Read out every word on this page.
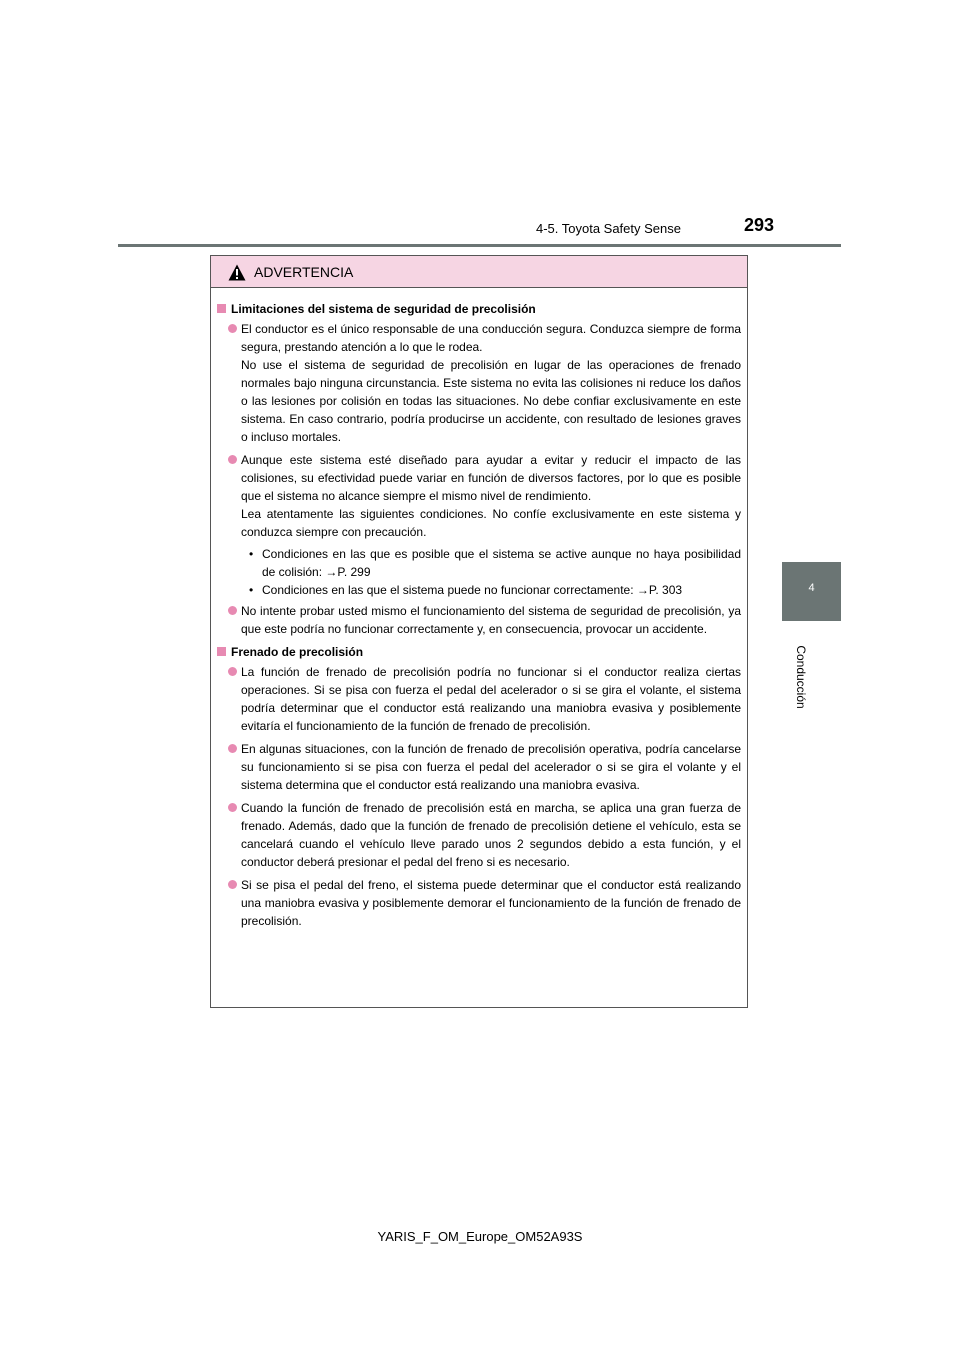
4-5. Toyota Safety Sense	293
4
Conducción
ADVERTENCIA
Limitaciones del sistema de seguridad de precolisión
El conductor es el único responsable de una conducción segura. Conduzca siempre de forma segura, prestando atención a lo que le rodea.
No use el sistema de seguridad de precolisión en lugar de las operaciones de frenado normales bajo ninguna circunstancia. Este sistema no evita las colisiones ni reduce los daños o las lesiones por colisión en todas las situaciones. No debe confiar exclusivamente en este sistema. En caso contrario, podría producirse un accidente, con resultado de lesiones graves o incluso mortales.
Aunque este sistema esté diseñado para ayudar a evitar y reducir el impacto de las colisiones, su efectividad puede variar en función de diversos factores, por lo que es posible que el sistema no alcance siempre el mismo nivel de rendimiento.
Lea atentamente las siguientes condiciones. No confíe exclusivamente en este sistema y conduzca siempre con precaución.
• Condiciones en las que es posible que el sistema se active aunque no haya posibilidad de colisión: →P. 299
• Condiciones en las que el sistema puede no funcionar correctamente: →P. 303
No intente probar usted mismo el funcionamiento del sistema de seguridad de precolisión, ya que este podría no funcionar correctamente y, en consecuencia, provocar un accidente.
Frenado de precolisión
La función de frenado de precolisión podría no funcionar si el conductor realiza ciertas operaciones. Si se pisa con fuerza el pedal del acelerador o si se gira el volante, el sistema podría determinar que el conductor está realizando una maniobra evasiva y posiblemente evitaría el funcionamiento de la función de frenado de precolisión.
En algunas situaciones, con la función de frenado de precolisión operativa, podría cancelarse su funcionamiento si se pisa con fuerza el pedal del acelerador o si se gira el volante y el sistema determina que el conductor está realizando una maniobra evasiva.
Cuando la función de frenado de precolisión está en marcha, se aplica una gran fuerza de frenado. Además, dado que la función de frenado de precolisión detiene el vehículo, esta se cancelará cuando el vehículo lleve parado unos 2 segundos debido a esta función, y el conductor deberá presionar el pedal del freno si es necesario.
Si se pisa el pedal del freno, el sistema puede determinar que el conductor está realizando una maniobra evasiva y posiblemente demorar el funcionamiento de la función de frenado de precolisión.
YARIS_F_OM_Europe_OM52A93S
